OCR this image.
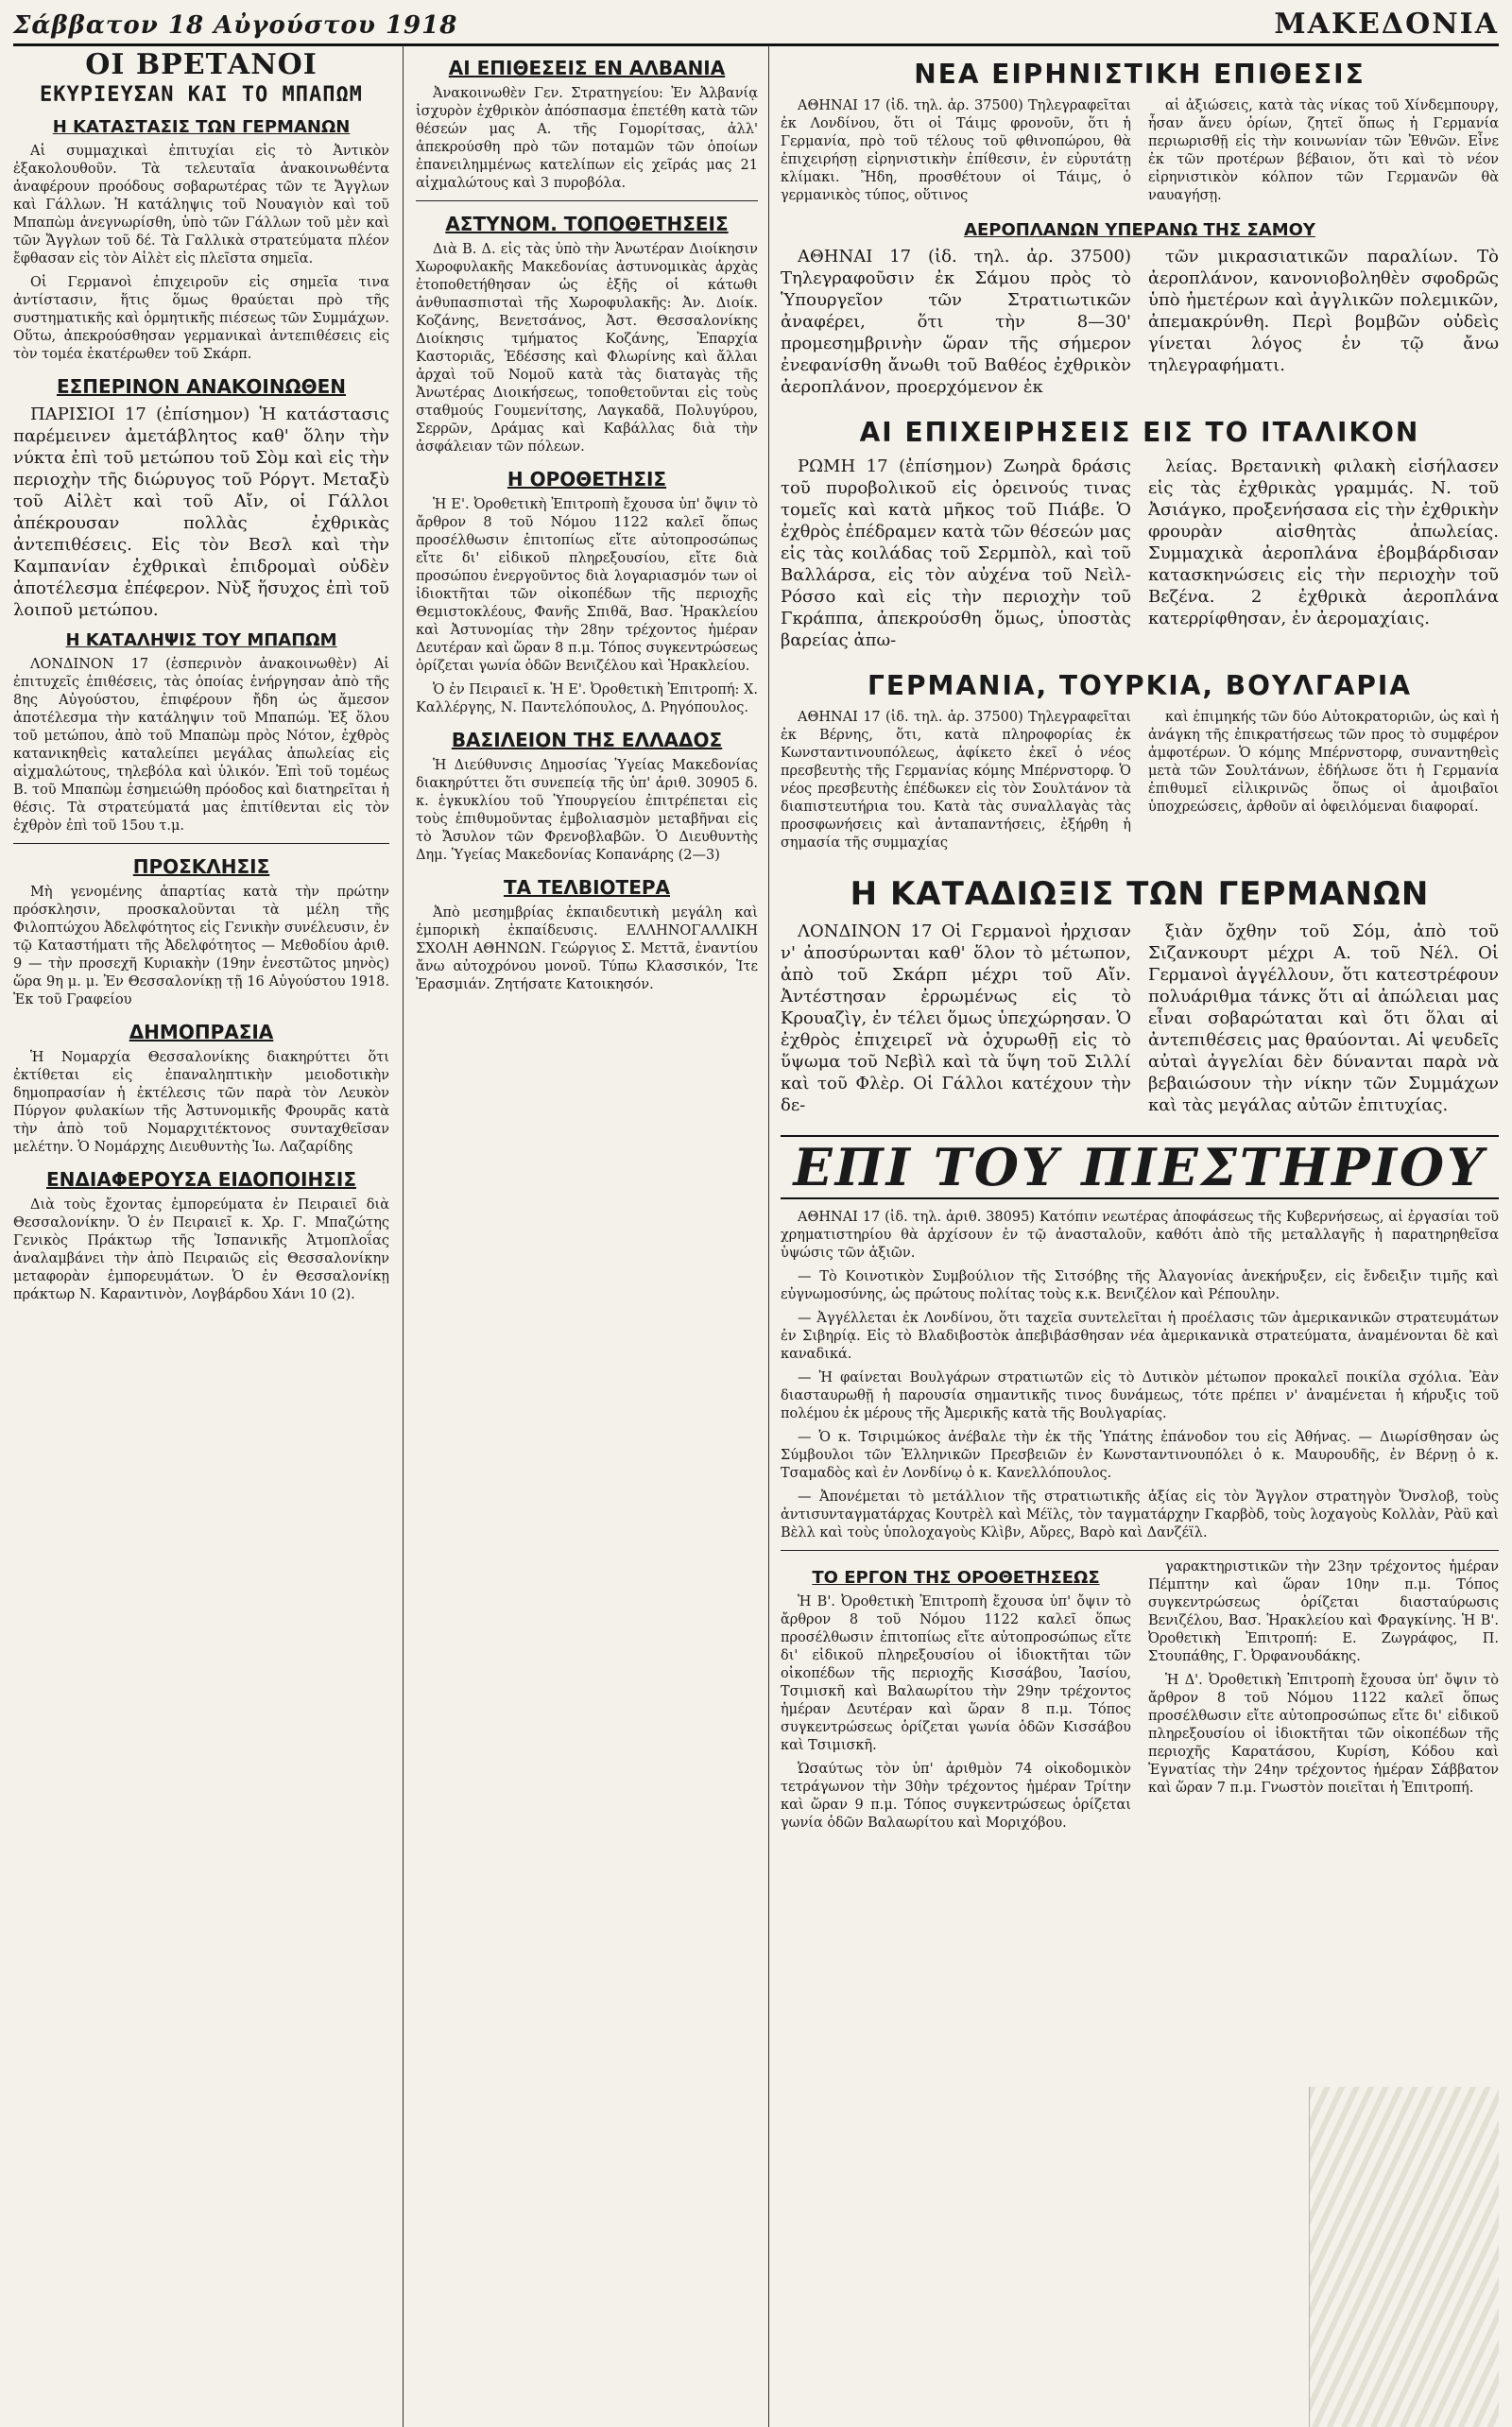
Σάββατον 18 Αὐγούστου 1918	ΜΑΚΕΔΟΝΙΑ
ΟΙ ΒΡΕΤΑΝΟΙ
ΕΚΥΡΙΕΥΣΑΝ ΚΑΙ ΤΟ ΜΠΑΠΩΜ
Η ΚΑΤΑΣΤΑΣΙΣ ΤΩΝ ΓΕΡΜΑΝΩΝ

Αἱ συμμαχικαὶ ἐπιτυχίαι εἰς τὸ Ἀντικὸν ἐξακολουθοῦν. Τὰ τελευταῖα ἀνακοινωθέντα ἀναφέρουν προόδους σοβαρωτέρας τῶν τε Ἄγγλων καὶ Γάλλων. Ἡ κατάληψις τοῦ Νουαγιὸν καὶ τοῦ Μπαπὼμ ἀνεγνωρίσθη, ὑπὸ τῶν Γάλλων τοῦ μὲν καὶ τῶν Ἄγγλων τοῦ δέ. Τὰ Γαλλικὰ στρατεύματα πλέον ἔφθασαν εἰς τὸν Αἰλὲτ εἰς πλεῖστα σημεῖα.

Οἱ Γερμανοὶ ἐπιχειροῦν εἰς σημεῖα τινα ἀντίστασιν, ἥτις ὅμως θραύεται πρὸ τῆς συστηματικῆς καὶ ὁρμητικῆς πιέσεως τῶν Συμμάχων. Οὕτω, ἀπεκρούσθησαν γερμανικαὶ ἀντεπιθέσεις εἰς τὸν τομέα ἑκατέρωθεν τοῦ Σκάρπ.

ΕΣΠΕΡΙΝΟΝ ΑΝΑΚΟΙΝΩΘΕΝ

ΠΑΡΙΣΙΟΙ 17 (ἐπίσημον) Ἡ κατάστασις παρέμεινεν ἀμετάβλητος καθ' ὅλην τὴν νύκτα ἐπὶ τοῦ μετώπου τοῦ Σὸμ καὶ εἰς τὴν περιοχὴν τῆς διώρυγος τοῦ Ρόργτ. Μεταξὺ τοῦ Αἰλὲτ καὶ τοῦ Αἴν, οἱ Γάλλοι ἀπέκρουσαν πολλὰς ἐχθρικὰς ἀντεπιθέσεις. Εἰς τὸν Βεσλ καὶ τὴν Καμπανίαν ἐχθρικαὶ ἐπιδρομαὶ οὐδὲν ἀποτέλεσμα ἐπέφερον. Νὺξ ἥσυχος ἐπὶ τοῦ λοιποῦ μετώπου.

Η ΚΑΤΑΛΗΨΙΣ ΤΟΥ ΜΠΑΠΩΜ

ΛΟΝΔΙΝΟΝ 17 (ἑσπερινὸν ἀνακοινωθὲν) Αἱ ἐπιτυχεῖς ἐπιθέσεις, τὰς ὁποίας ἐνήργησαν ἀπὸ τῆς 8ης Αὐγούστου, ἐπιφέρουν ἤδη ὡς ἄμεσον ἀποτέλεσμα τὴν κατάληψιν τοῦ Μπαπώμ. Ἐξ ὅλου τοῦ μετώπου, ἀπὸ τοῦ Μπαπὼμ πρὸς Νότον, ἐχθρὸς κατανικηθεὶς καταλείπει μεγάλας ἀπωλείας εἰς αἰχμαλώτους, τηλεβόλα καὶ ὑλικόν. Ἐπὶ τοῦ τομέως Β. τοῦ Μπαπὼμ ἐσημειώθη πρόοδος καὶ διατηρεῖται ἡ θέσις. Τὰ στρατεύματά μας ἐπιτίθενται εἰς τὸν ἐχθρὸν ἐπὶ τοῦ 15ου τ.μ.

ΠΡΟΣΚΛΗΣΙΣ

Μὴ γενομένης ἀπαρτίας κατὰ τὴν πρώτην πρόσκλησιν, προσκαλοῦνται τὰ μέλη τῆς Φιλοπτώχου Ἀδελφότητος εἰς Γενικὴν συνέλευσιν, ἐν τῷ Καταστήματι τῆς Ἀδελφότητος — Μεθοδίου ἀριθ. 9 — τὴν προσεχῆ Κυριακὴν (19ην ἐνεστῶτος μηνὸς) ὥρα 9η μ. μ. Ἐν Θεσσαλονίκῃ τῇ 16 Αὐγούστου 1918. Ἐκ τοῦ Γραφείου

ΔΗΜΟΠΡΑΣΙΑ

Ἡ Νομαρχία Θεσσαλονίκης διακηρύττει ὅτι ἐκτίθεται εἰς ἐπαναληπτικὴν μειοδοτικὴν δημοπρασίαν ἡ ἐκτέλεσις τῶν παρὰ τὸν Λευκὸν Πύργον φυλακίων τῆς Ἀστυνομικῆς Φρουρᾶς κατὰ τὴν ἀπὸ τοῦ Νομαρχιτέκτονος συνταχθεῖσαν μελέτην. Ὁ Νομάρχης Διευθυντὴς Ἰω. Λαζαρίδης

ΕΝΔΙΑΦΕΡΟΥΣΑ ΕΙΔΟΠΟΙΗΣΙΣ

Διὰ τοὺς ἔχοντας ἐμπορεύματα ἐν Πειραιεῖ διὰ Θεσσαλονίκην. Ὁ ἐν Πειραιεῖ κ. Χρ. Γ. Μπαζώτης Γενικὸς Πράκτωρ τῆς Ἰσπανικῆς Ἀτμοπλοΐας ἀναλαμβάνει τὴν ἀπὸ Πειραιῶς εἰς Θεσσαλονίκην μεταφορὰν ἐμπορευμάτων. Ὁ ἐν Θεσσαλονίκῃ πράκτωρ Ν. Καραντινὸν, Λογβάρδου Χάνι 10 (2).

ΑΙ ΕΠΙΘΕΣΕΙΣ ΕΝ ΑΛΒΑΝΙΑ

Ἀνακοινωθὲν Γεν. Στρατηγείου: Ἐν Ἀλβανίᾳ ἰσχυρὸν ἐχθρικὸν ἀπόσπασμα ἐπετέθη κατὰ τῶν θέσεών μας Α. τῆς Γομορίτσας, ἀλλ' ἀπεκρούσθη πρὸ τῶν ποταμῶν τῶν ὁποίων ἐπανειλημμένως κατελίπων εἰς χεῖράς μας 21 αἰχμαλώτους καὶ 3 πυροβόλα.

ΑΣΤΥΝΟΜ. ΤΟΠΟΘΕΤΗΣΕΙΣ

Διὰ Β. Δ. εἰς τὰς ὑπὸ τὴν Ἀνωτέραν Διοίκησιν Χωροφυλακῆς Μακεδονίας ἀστυνομικὰς ἀρχὰς ἐτοποθετήθησαν ὡς ἑξῆς οἱ κάτωθι ἀνθυπασπισταὶ τῆς Χωροφυλακῆς: Ἀν. Διοίκ. Κοζάνης, Βενετσάνος, Ἀστ. Θεσσαλονίκης Διοίκησις τμήματος Κοζάνης, Ἐπαρχία Καστοριᾶς, Ἐδέσσης καὶ Φλωρίνης καὶ ἄλλαι ἀρχαὶ τοῦ Νομοῦ κατὰ τὰς διαταγὰς τῆς Ἀνωτέρας Διοικήσεως, τοποθετοῦνται εἰς τοὺς σταθμούς Γουμενίτσης, Λαγκαδᾶ, Πολυγύρου, Σερρῶν, Δράμας καὶ Καβάλλας διὰ τὴν ἀσφάλειαν τῶν πόλεων.

Η ΟΡΟΘΕΤΗΣΙΣ

Ἡ Ε'. Ὀροθετικὴ Ἐπιτροπὴ ἔχουσα ὑπ' ὄψιν τὸ ἄρθρον 8 τοῦ Νόμου 1122 καλεῖ ὅπως προσέλθωσιν ἐπιτοπίως εἴτε αὐτοπροσώπως εἴτε δι' εἰδικοῦ πληρεξουσίου, εἴτε διὰ προσώπου ἐνεργοῦντος διὰ λογαριασμόν των οἱ ἰδιοκτῆται τῶν οἰκοπέδων τῆς περιοχῆς Θεμιστοκλέους, Φανῆς Σπιθᾶ, Βασ. Ἡρακλείου καὶ Ἀστυνομίας τὴν 28ην τρέχοντος ἡμέραν Δευτέραν καὶ ὥραν 8 π.μ. Τόπος συγκεντρώσεως ὁρίζεται γωνία ὁδῶν Βενιζέλου καὶ Ἡρακλείου.

Ὁ ἐν Πειραιεῖ κ. Ἡ Ε'. Ὀροθετικὴ Ἐπιτροπή: Χ. Καλλέργης, Ν. Παντελόπουλος, Δ. Ρηγόπουλος.

ΒΑΣΙΛΕΙΟΝ ΤΗΣ ΕΛΛΑΔΟΣ

Ἡ Διεύθυνσις Δημοσίας Ὑγείας Μακεδονίας διακηρύττει ὅτι συνεπείᾳ τῆς ὑπ' ἀριθ. 30905 δ. κ. ἐγκυκλίου τοῦ Ὑπουργείου ἐπιτρέπεται εἰς τοὺς ἐπιθυμοῦντας ἐμβολιασμὸν μεταβῆναι εἰς τὸ Ἄσυλον τῶν Φρενοβλαβῶν. Ὁ Διευθυντὴς Δημ. Ὑγείας Μακεδονίας Κοπανάρης (2—3)

ΤΑ ΤΕΛΒΙΟΤΕΡΑ

Ἀπὸ μεσημβρίας ἐκπαιδευτικὴ μεγάλη καὶ ἐμπορικὴ ἐκπαίδευσις. ΕΛΛΗΝΟΓΑΛΛΙΚΗ ΣΧΟΛΗ ΑΘΗΝΩΝ. Γεώργιος Σ. Μεττᾶ, ἐναντίου ἄνω αὐτοχρόνου μονοῦ. Τύπω Κλασσικόν, Ἱτε Ἐρασμιάν. Ζητήσατε Κατοικησόν.

ΝΕΑ ΕΙΡΗΝΙΣΤΙΚΗ ΕΠΙΘΕΣΙΣ

ΑΘΗΝΑΙ 17 (ἰδ. τηλ. ἀρ. 37500) Τηλεγραφεῖται ἐκ Λονδίνου, ὅτι οἱ Τάιμς φρονοῦν, ὅτι ἡ Γερμανία, πρὸ τοῦ τέλους τοῦ φθινοπώρου, θὰ ἐπιχειρήσῃ εἰρηνιστικὴν ἐπίθεσιν, ἐν εὐρυτάτῃ κλίμακι. Ἤδη, προσθέτουν οἱ Τάιμς, ὁ γερμανικὸς τύπος, οὕτινος

αἱ ἀξιώσεις, κατὰ τὰς νίκας τοῦ Χίνδεμπουργ, ἦσαν ἄνευ ὁρίων, ζητεῖ ὅπως ἡ Γερμανία περιωρισθῇ εἰς τὴν κοινωνίαν τῶν Ἐθνῶν. Εἶνε ἐκ τῶν προτέρων βέβαιον, ὅτι καὶ τὸ νέον εἰρηνιστικὸν κόλπον τῶν Γερμανῶν θὰ ναυαγήσῃ.

ΑΕΡΟΠΛΑΝΩΝ ΥΠΕΡΑΝΩ ΤΗΣ ΣΑΜΟΥ

ΑΘΗΝΑΙ 17 (ἰδ. τηλ. ἀρ. 37500) Τηλεγραφοῦσιν ἐκ Σάμου πρὸς τὸ Ὑπουργεῖον τῶν Στρατιωτικῶν ἀναφέρει, ὅτι τὴν 8—30' προμεσημβρινὴν ὥραν τῆς σήμερον ἐνεφανίσθη ἄνωθι τοῦ Βαθέος ἐχθρικὸν ἀεροπλάνον, προερχόμενον ἐκ

τῶν μικρασιατικῶν παραλίων. Τὸ ἀεροπλάνον, κανονιοβοληθὲν σφοδρῶς ὑπὸ ἡμετέρων καὶ ἀγγλικῶν πολεμικῶν, ἀπεμακρύνθη. Περὶ βομβῶν οὐδεὶς γίνεται λόγος ἐν τῷ ἄνω τηλεγραφήματι.

ΑΙ ΕΠΙΧΕΙΡΗΣΕΙΣ ΕΙΣ ΤΟ ΙΤΑΛΙΚΟΝ

ΡΩΜΗ 17 (ἐπίσημον) Ζωηρὰ δράσις τοῦ πυροβολικοῦ εἰς ὀρεινούς τινας τομεῖς καὶ κατὰ μῆκος τοῦ Πιάβε. Ὁ ἐχθρὸς ἐπέδραμεν κατὰ τῶν θέσεών μας εἰς τὰς κοιλάδας τοῦ Σερμπὸλ, καὶ τοῦ Βαλλάρσα, εἰς τὸν αὐχένα τοῦ Νεὶλ-Ρόσσο καὶ εἰς τὴν περιοχὴν τοῦ Γκράππα, ἀπεκρούσθη ὅμως, ὑποστὰς βαρείας ἀπω-

λείας. Βρετανικὴ φιλακὴ εἰσήλασεν εἰς τὰς ἐχθρικὰς γραμμάς. Ν. τοῦ Ἀσιάγκο, προξενήσασα εἰς τὴν ἐχθρικὴν φρουρὰν αἰσθητὰς ἀπωλείας. Συμμαχικὰ ἀεροπλάνα ἐβομβάρδισαν κατασκηνώσεις εἰς τὴν περιοχὴν τοῦ Βεζένα. 2 ἐχθρικὰ ἀεροπλάνα κατερρίφθησαν, ἐν ἀερομαχίαις.

ΓΕΡΜΑΝΙΑ, ΤΟΥΡΚΙΑ, ΒΟΥΛΓΑΡΙΑ

ΑΘΗΝΑΙ 17 (ἰδ. τηλ. ἀρ. 37500) Τηλεγραφεῖται ἐκ Βέρνης, ὅτι, κατὰ πληροφορίας ἐκ Κωνσταντινουπόλεως, ἀφίκετο ἐκεῖ ὁ νέος πρεσβευτὴς τῆς Γερμανίας κόμης Μπέρνστορφ. Ὁ νέος πρεσβευτὴς ἐπέδωκεν εἰς τὸν Σουλτάνον τὰ διαπιστευτήρια του. Κατὰ τὰς συναλλαγὰς τὰς προσφωνήσεις καὶ ἀνταπαντήσεις, ἐξήρθη ἡ σημασία τῆς συμμαχίας

καὶ ἐπιμηκής τῶν δύο Αὐτοκρατοριῶν, ὡς καὶ ἡ ἀνάγκη τῆς ἐπικρατήσεως τῶν προς τὸ συμφέρον ἀμφοτέρων. Ὁ κόμης Μπέρνστορφ, συναντηθεὶς μετὰ τῶν Σουλτάνων, ἐδήλωσε ὅτι ἡ Γερμανία ἐπιθυμεῖ εἰλικρινῶς ὅπως οἱ ἀμοιβαῖοι ὑποχρεώσεις, ἀρθοῦν αἱ ὀφειλόμεναι διαφοραί.

Η ΚΑΤΑΔΙΩΞΙΣ ΤΩΝ ΓΕΡΜΑΝΩΝ

ΛΟΝΔΙΝΟΝ 17 Οἱ Γερμανοὶ ἠρχισαν ν' ἀποσύρωνται καθ' ὅλον τὸ μέτωπον, ἀπὸ τοῦ Σκάρπ μέχρι τοῦ Αἴν. Ἀντέστησαν ἐρρωμένως εἰς τὸ Κρουαζὶγ, ἐν τέλει ὅμως ὑπεχώρησαν. Ὁ ἐχθρὸς ἐπιχειρεῖ νὰ ὀχυρωθῇ εἰς τὸ ὕψωμα τοῦ Νεβὶλ καὶ τὰ ὕψη τοῦ Σιλλί καὶ τοῦ Φλὲρ. Οἱ Γάλλοι κατέχουν τὴν δε-

ξιὰν ὄχθην τοῦ Σόμ, ἀπὸ τοῦ Σιζανκουρτ μέχρι Α. τοῦ Νέλ. Οἱ Γερμανοὶ ἀγγέλλουν, ὅτι κατεστρέφουν πολυάριθμα τάνκς ὅτι αἱ ἀπώλειαι μας εἶναι σοβαρώταται καὶ ὅτι ὅλαι αἱ ἀντεπιθέσεις μας θραύονται. Αἱ ψευδεῖς αὐταὶ ἀγγελίαι δὲν δύνανται παρὰ νὰ βεβαιώσουν τὴν νίκην τῶν Συμμάχων καὶ τὰς μεγάλας αὐτῶν ἐπιτυχίας.

ΕΠΙ ΤΟΥ ΠΙΕΣΤΗΡΙΟΥ

ΑΘΗΝΑΙ 17 (ἰδ. τηλ. ἀριθ. 38095) Κατόπιν νεωτέρας ἀποφάσεως τῆς Κυβερνήσεως, αἱ ἐργασίαι τοῦ χρηματιστηρίου θὰ ἀρχίσουν ἐν τῷ ἀνασταλοῦν, καθότι ἀπὸ τῆς μεταλλαγῆς ἡ παρατηρηθεῖσα ὑψώσις τῶν ἀξιῶν.

— Τὸ Κοινοτικὸν Συμβούλιον τῆς Σιτσόβης τῆς Ἀλαγονίας ἀνεκήρυξεν, εἰς ἔνδειξιν τιμῆς καὶ εὐγνωμοσύνης, ὡς πρώτους πολίτας τοὺς κ.κ. Βενιζέλον καὶ Ρέπουλην.

— Ἀγγέλλεται ἐκ Λονδίνου, ὅτι ταχεῖα συντελεῖται ἡ προέλασις τῶν ἀμερικανικῶν στρατευμάτων ἐν Σιβηρίᾳ. Εἰς τὸ Βλαδιβοστὸκ ἀπεβιβάσθησαν νέα ἀμερικανικὰ στρατεύματα, ἀναμένονται δὲ καὶ καναδικά.

— Ἡ φαίνεται Βουλγάρων στρατιωτῶν εἰς τὸ Δυτικὸν μέτωπον προκαλεῖ ποικίλα σχόλια. Ἐὰν διασταυρωθῇ ἡ παρουσία σημαντικῆς τινος δυνάμεως, τότε πρέπει ν' ἀναμένεται ἡ κήρυξις τοῦ πολέμου ἐκ μέρους τῆς Ἀμερικῆς κατὰ τῆς Βουλγαρίας.

— Ὁ κ. Τσιριμώκος ἀνέβαλε τὴν ἐκ τῆς Ὑπάτης ἐπάνοδον του εἰς Ἀθήνας. — Διωρίσθησαν ὡς Σύμβουλοι τῶν Ἑλληνικῶν Πρεσβειῶν ἐν Κωνσταντινουπόλει ὁ κ. Μαυρουδῆς, ἐν Βέρνῃ ὁ κ. Τσαμαδὸς καὶ ἐν Λονδίνῳ ὁ κ. Κανελλόπουλος.

— Ἀπονέμεται τὸ μετάλλιον τῆς στρατιωτικῆς ἀξίας εἰς τὸν Ἄγγλον στρατηγὸν Ὄνσλοβ, τοὺς ἀντισυνταγματάρχας Κουτρὲλ καὶ Μέϊλς, τὸν ταγματάρχην Γκαρβὸδ, τοὺς λοχαγοὺς Κολλὰν, Ρὰϋ καὶ Βὲλλ καὶ τοὺς ὑπολοχαγοὺς Κλὶβν, Αὔρες, Βαρὸ καὶ Δανζέϊλ.

ΤΟ ΕΡΓΟΝ ΤΗΣ ΟΡΟΘΕΤΗΣΕΩΣ

Ἡ Β'. Ὀροθετικὴ Ἐπιτροπὴ ἔχουσα ὑπ' ὄψιν τὸ ἄρθρον 8 τοῦ Νόμου 1122 καλεῖ ὅπως προσέλθωσιν ἐπιτοπίως εἴτε αὐτοπροσώπως εἴτε δι' εἰδικοῦ πληρεξουσίου οἱ ἰδιοκτῆται τῶν οἰκοπέδων τῆς περιοχῆς Κισσάβου, Ἰασίου, Τσιμισκῆ καὶ Βαλαωρίτου τὴν 29ην τρέχοντος ἡμέραν Δευτέραν καὶ ὥραν 8 π.μ. Τόπος συγκεντρώσεως ὁρίζεται γωνία ὁδῶν Κισσάβου καὶ Τσιμισκῆ.

Ὡσαύτως τὸν ὑπ' ἀριθμὸν 74 οἰκοδομικὸν τετράγωνον τὴν 30ὴν τρέχοντος ἡμέραν Τρίτην καὶ ὥραν 9 π.μ. Τόπος συγκεντρώσεως ὁρίζεται γωνία ὁδῶν Βαλαωρίτου καὶ Μοριχόβου.

γαρακτηριστικῶν τὴν 23ην τρέχοντος ἡμέραν Πέμπτην καὶ ὥραν 10ην π.μ. Τόπος συγκεντρώσεως ὁρίζεται διασταύρωσις Βενιζέλου, Βασ. Ἡρακλείου καὶ Φραγκίνης. Ἡ Β'. Ὀροθετικὴ Ἐπιτροπή: Ε. Ζωγράφος, Π. Στουπάθης, Γ. Ὀρφανουδάκης.

Ἡ Δ'. Ὀροθετικὴ Ἐπιτροπὴ ἔχουσα ὑπ' ὄψιν τὸ ἄρθρον 8 τοῦ Νόμου 1122 καλεῖ ὅπως προσέλθωσιν εἴτε αὐτοπροσώπως εἴτε δι' εἰδικοῦ πληρεξουσίου οἱ ἰδιοκτῆται τῶν οἰκοπέδων τῆς περιοχῆς Καρατάσου, Κυρίση, Κόδου καὶ Ἐγνατίας τὴν 24ην τρέχοντος ἡμέραν Σάββατον καὶ ὥραν 7 π.μ. Γνωστὸν ποιεῖται ἡ Ἐπιτροπή.
